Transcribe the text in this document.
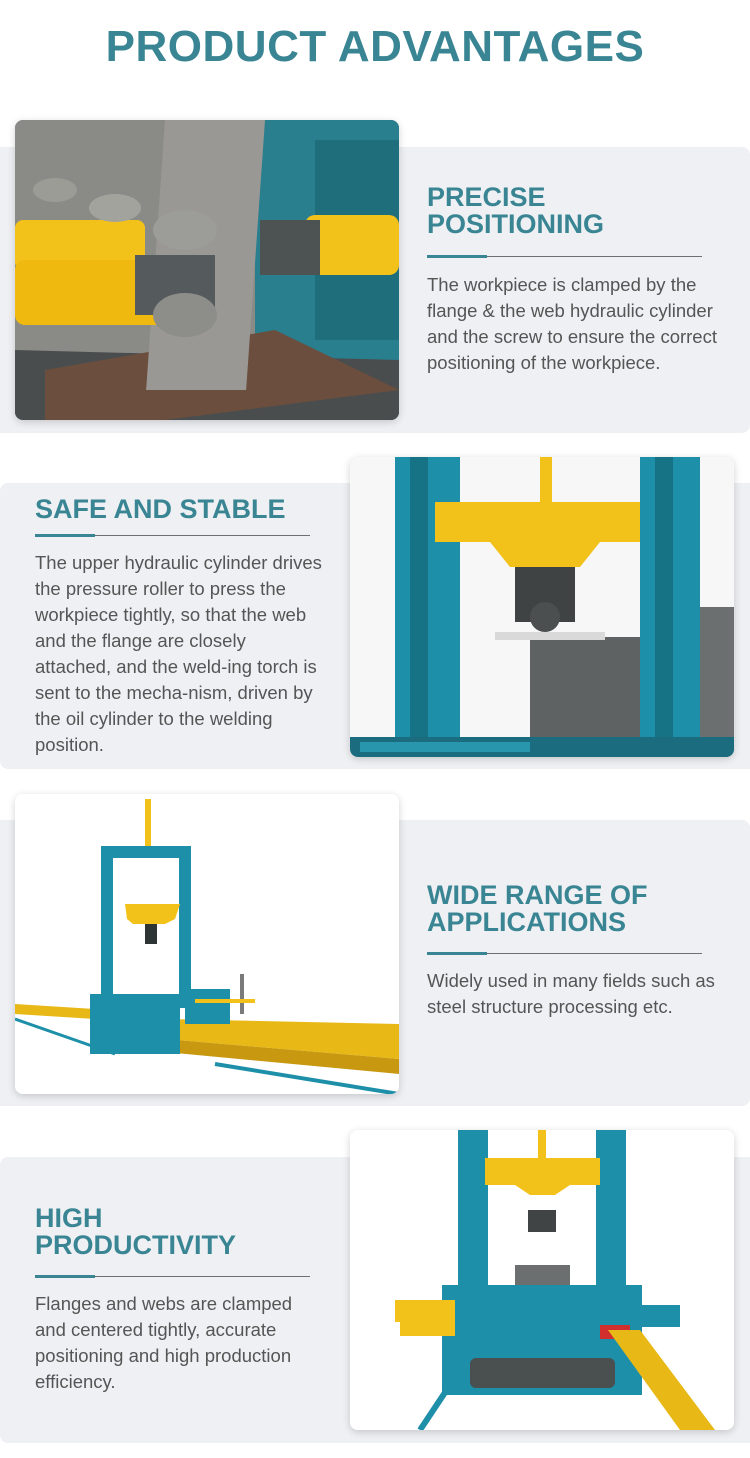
PRODUCT ADVANTAGES
PRECISE
POSITIONING

The workpiece is clamped by the flange & the web hydraulic cylinder and the screw to ensure the correct positioning of the workpiece.

SAFE AND STABLE

The upper hydraulic cylinder drives the pressure roller to press the workpiece tightly, so that the web and the flange are closely attached, and the weld-ing torch is sent to the mecha-nism, driven by the oil cylinder to the welding position.

WIDE RANGE OF
APPLICATIONS

Widely used in many fields such as steel structure processing etc.

HIGH
PRODUCTIVITY

Flanges and webs are clamped and centered tightly, accurate positioning and high production efficiency.
